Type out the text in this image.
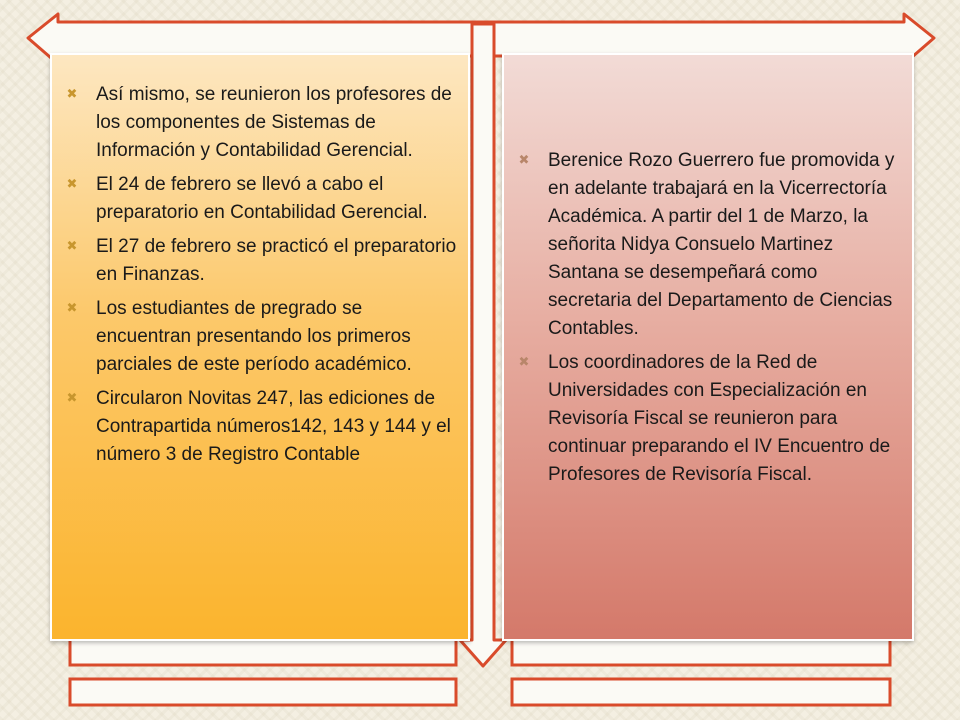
✖ Así mismo, se reunieron los profesores de los componentes de Sistemas de Información y Contabilidad Gerencial.
✖ El 24 de febrero se llevó a cabo el preparatorio en Contabilidad Gerencial.
✖ El 27 de febrero se practicó el preparatorio en Finanzas.
✖ Los estudiantes de pregrado se encuentran presentando los primeros parciales de este período académico.
✖ Circularon Novitas 247, las ediciones de Contrapartida números142, 143 y 144 y el número 3 de Registro Contable
✖ Berenice Rozo Guerrero fue promovida y en adelante trabajará en la Vicerrectoría Académica. A partir del 1 de Marzo, la señorita Nidya Consuelo Martinez Santana se desempeñará como secretaria del Departamento de Ciencias Contables.
✖ Los coordinadores de la Red de Universidades con Especialización en Revisoría Fiscal se reunieron para continuar preparando el IV Encuentro de Profesores de Revisoría Fiscal.
